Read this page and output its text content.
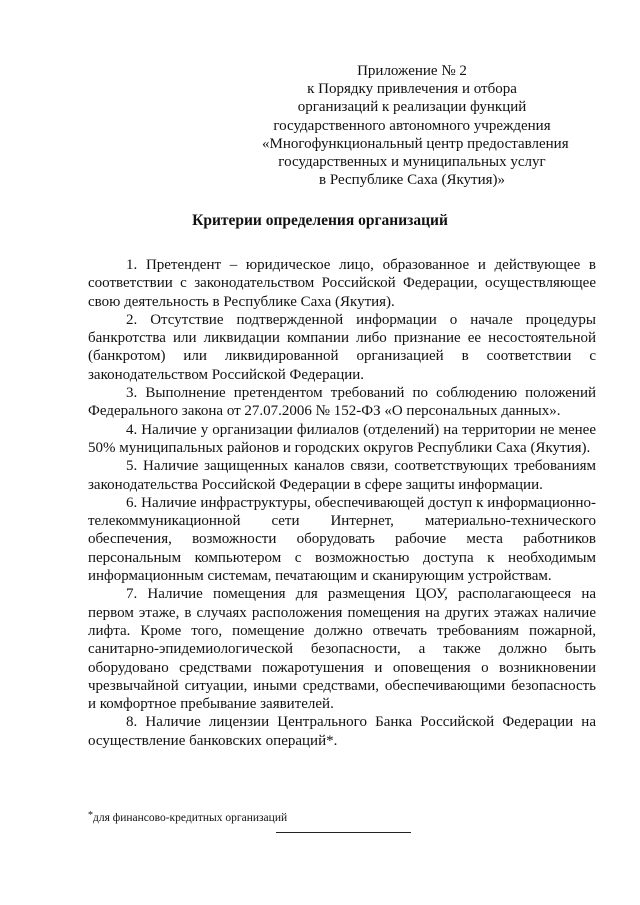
Приложение № 2
к Порядку привлечения и отбора
организаций к реализации функций
государственного автономного учреждения
«Многофункциональный центр предоставления
государственных и муниципальных услуг
в Республике Саха (Якутия)»
Критерии определения организаций

1. Претендент – юридическое лицо, образованное и действующее в соответствии с законодательством Российской Федерации, осуществляющее свою деятельность в Республике Саха (Якутия).

2. Отсутствие подтвержденной информации о начале процедуры банкротства или ликвидации компании либо признание ее несостоятельной (банкротом) или ликвидированной организацией в соответствии с законодательством Российской Федерации.

3. Выполнение претендентом требований по соблюдению положений Федерального закона от 27.07.2006 № 152-ФЗ «О персональных данных».

4. Наличие у организации филиалов (отделений) на территории не менее 50% муниципальных районов и городских округов Республики Саха (Якутия).

5. Наличие защищенных каналов связи, соответствующих требованиям законодательства Российской Федерации в сфере защиты информации.

6. Наличие инфраструктуры, обеспечивающей доступ к информационно-телекоммуникационной сети Интернет, материально-технического обеспечения, возможности оборудовать рабочие места работников персональным компьютером с возможностью доступа к необходимым информационным системам, печатающим и сканирующим устройствам.

7. Наличие помещения для размещения ЦОУ, располагающееся на первом этаже, в случаях расположения помещения на других этажах наличие лифта. Кроме того, помещение должно отвечать требованиям пожарной, санитарно-эпидемиологической безопасности, а также должно быть оборудовано средствами пожаротушения и оповещения о возникновении чрезвычайной ситуации, иными средствами, обеспечивающими безопасность и комфортное пребывание заявителей.

8. Наличие лицензии Центрального Банка Российской Федерации на осуществление банковских операций*.

*для финансово-кредитных организаций
